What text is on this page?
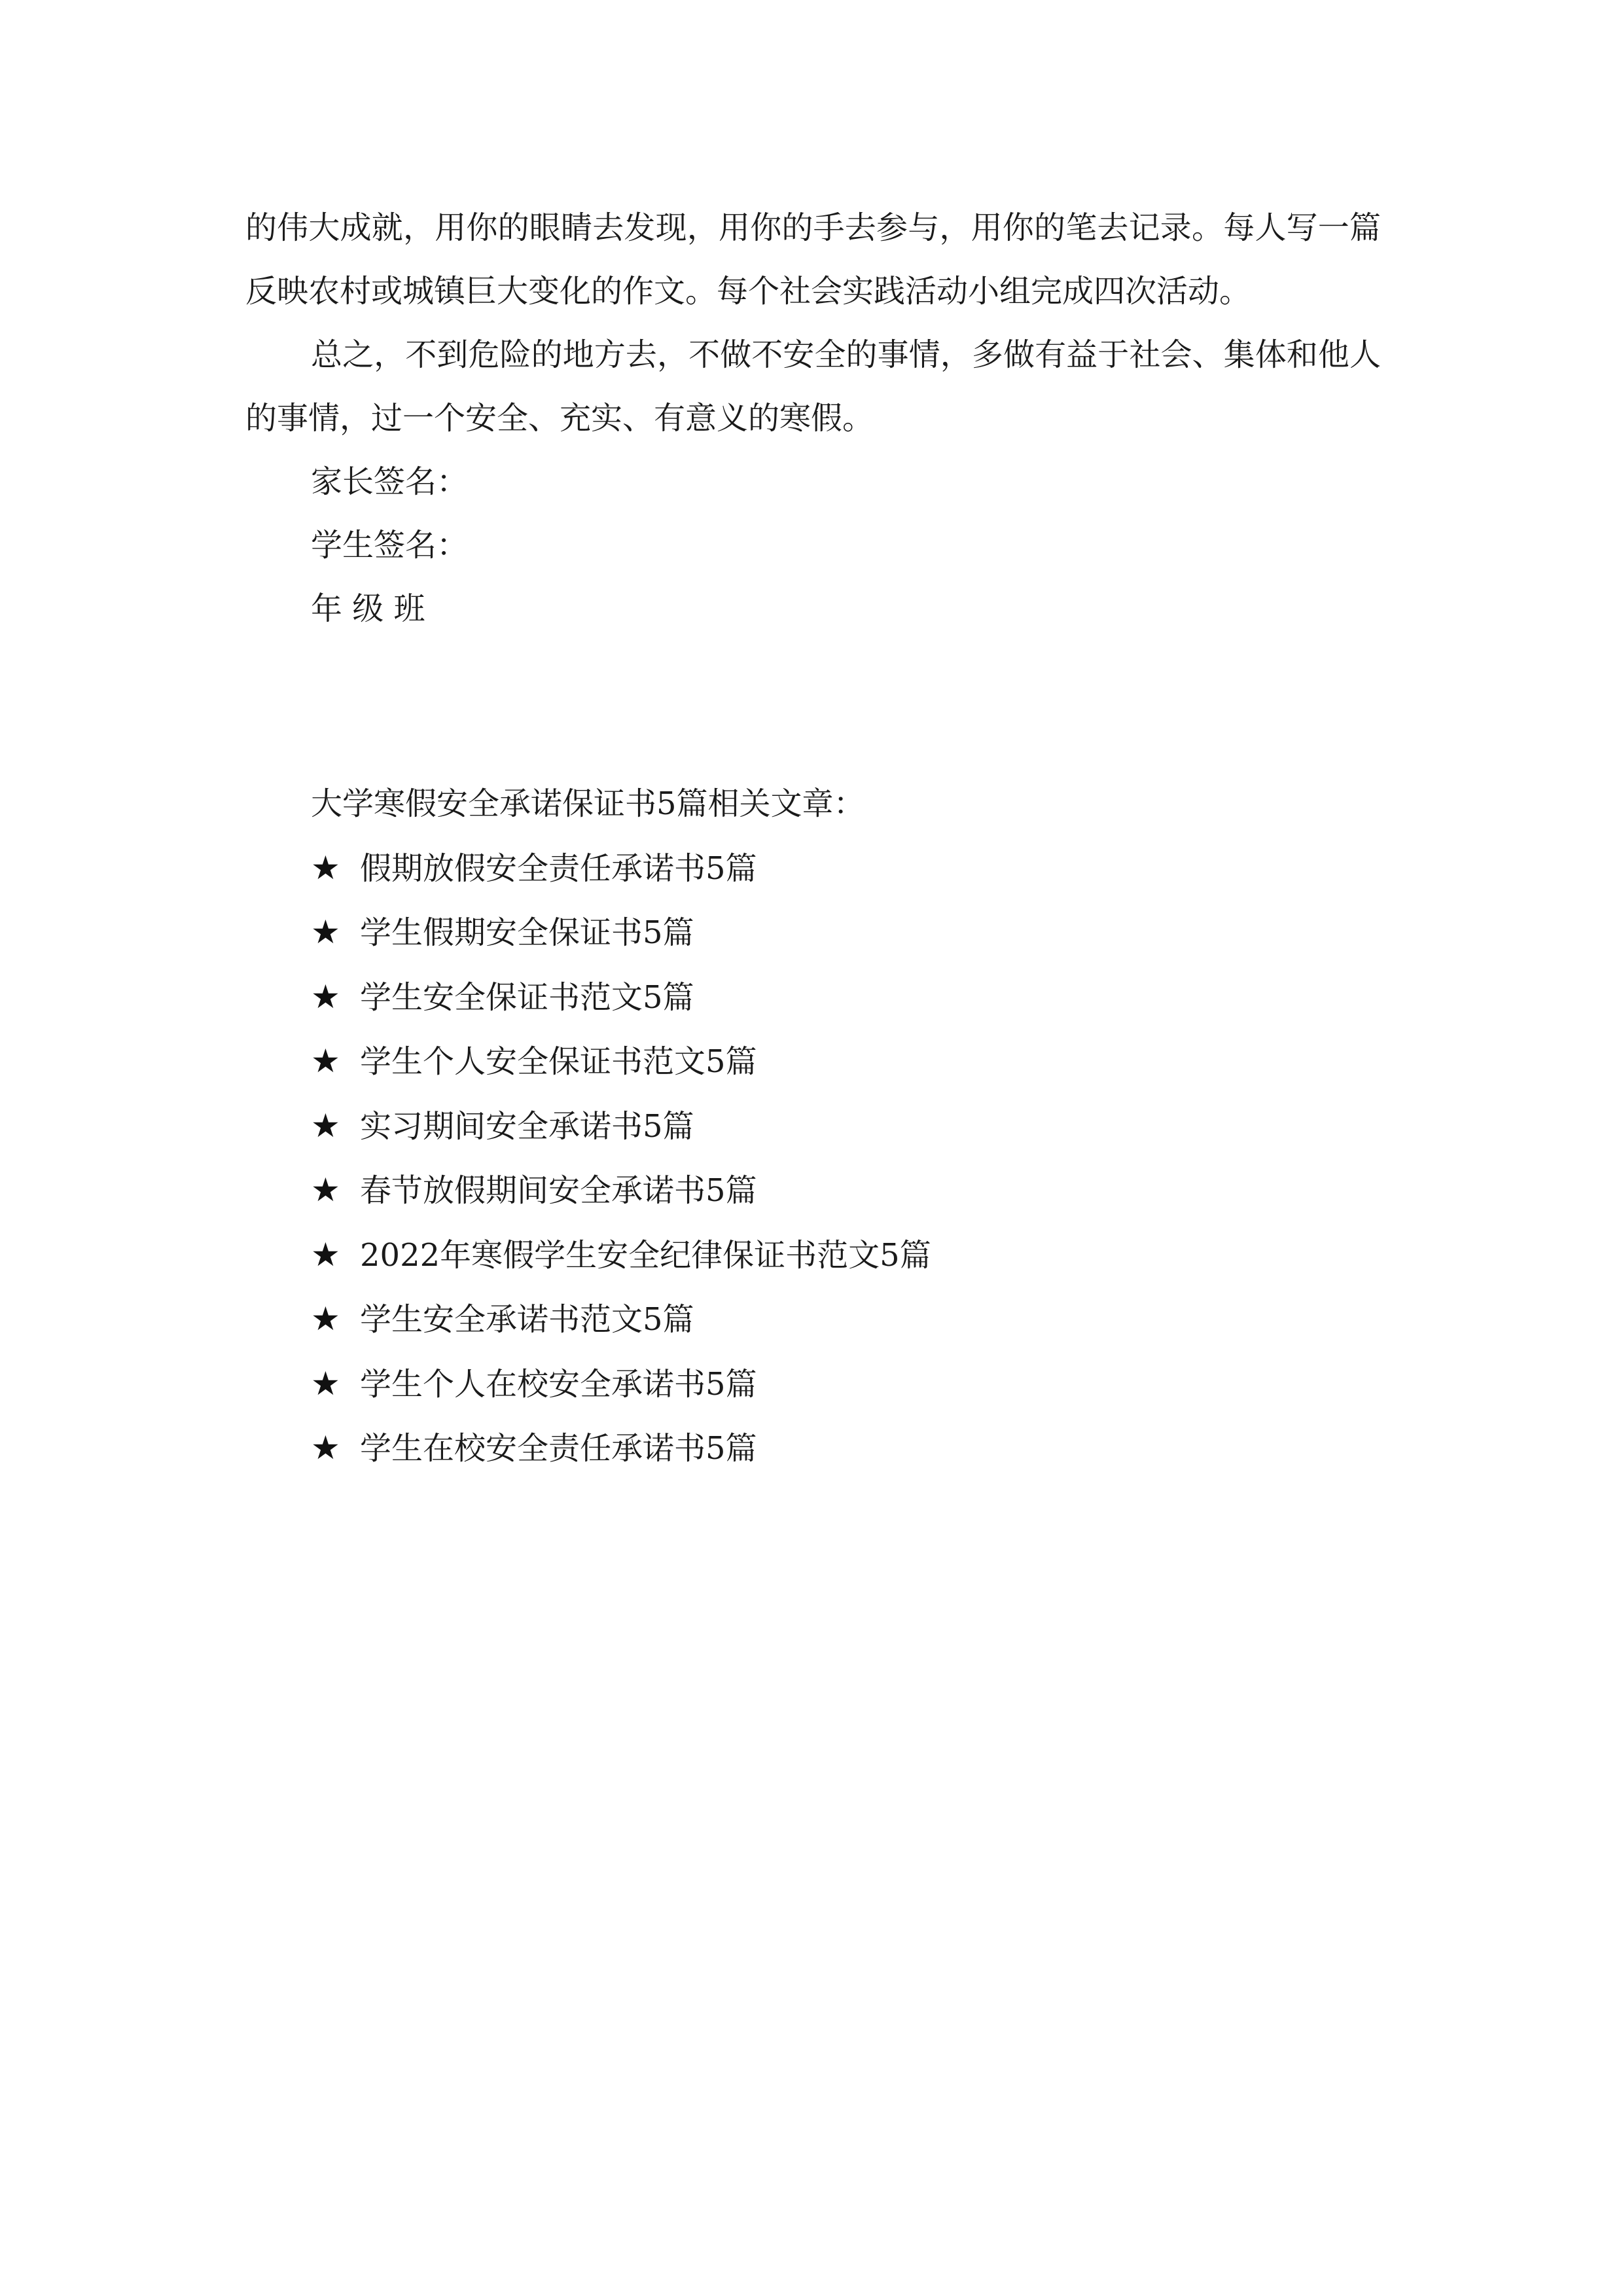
的伟大成就，用你的眼睛去发现，用你的手去参与，用你的笔去记录。每人写一篇反映农村或城镇巨大变化的作文。每个社会实践活动小组完成四次活动。

总之，不到危险的地方去，不做不安全的事情，多做有益于社会、集体和他人的事情，过一个安全、充实、有意义的寒假。

家长签名：

学生签名：

年 级 班

大学寒假安全承诺保证书5篇相关文章：

★ 假期放假安全责任承诺书5篇
★ 学生假期安全保证书5篇
★ 学生安全保证书范文5篇
★ 学生个人安全保证书范文5篇
★ 实习期间安全承诺书5篇
★ 春节放假期间安全承诺书5篇
★ 2022年寒假学生安全纪律保证书范文5篇
★ 学生安全承诺书范文5篇
★ 学生个人在校安全承诺书5篇
★ 学生在校安全责任承诺书5篇
